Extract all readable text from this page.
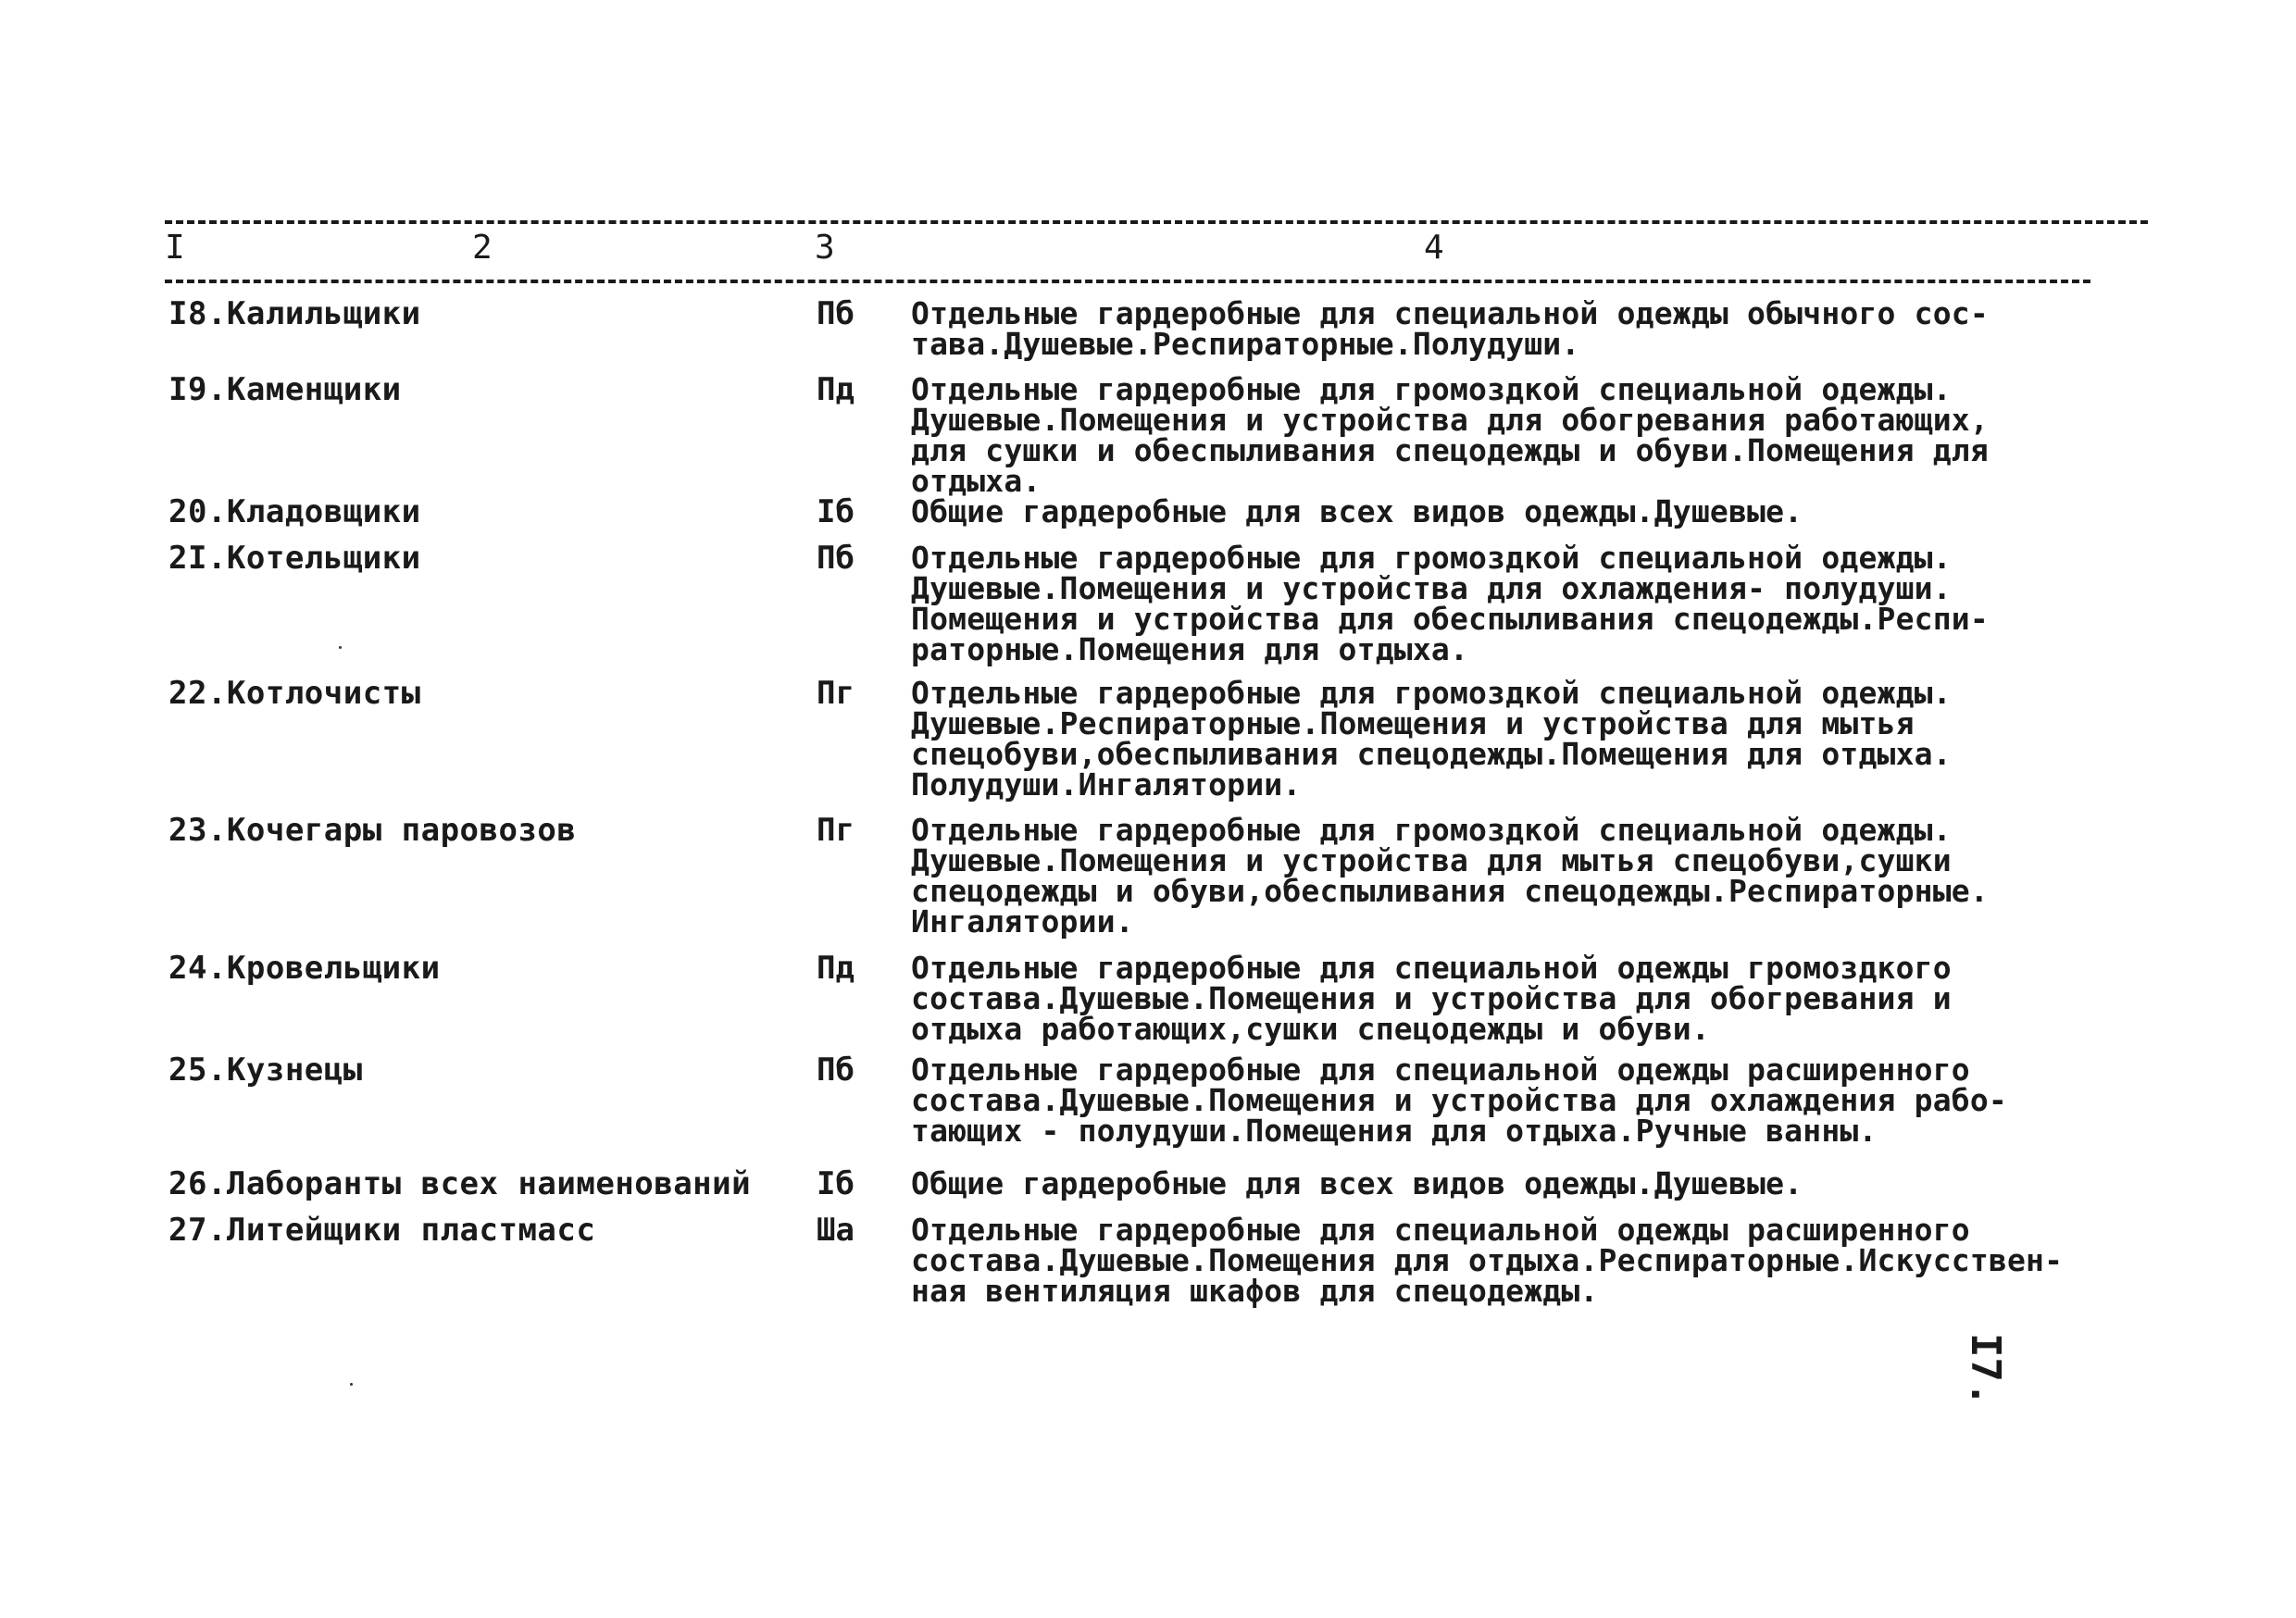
I	2	3	4
I8.Калильщики	Пб Отдельные гардеробные для специальной одежды обычного сос-
тава.Душевые.Респираторные.Полудуши.
I9.Каменщики	Пд Отдельные гардеробные для громоздкой специальной одежды.
Душевые.Помещения и устройства для обогревания работающих,
для сушки и обеспыливания спецодежды и обуви.Помещения для
отдыха.
20.Кладовщики	Iб Общие гардеробные для всех видов одежды.Душевые.
2I.Котельщики	Пб Отдельные гардеробные для громоздкой специальной одежды.
Душевые.Помещения и устройства для охлаждения- полудуши.
Помещения и устройства для обеспыливания спецодежды.Респи-
раторные.Помещения для отдыха.
22.Котлочисты	Пг Отдельные гардеробные для громоздкой специальной одежды.
Душевые.Респираторные.Помещения и устройства для мытья
спецобуви,обеспыливания спецодежды.Помещения для отдыха.
Полудуши.Ингалятории.
23.Кочегары паровозов	Пг Отдельные гардеробные для громоздкой специальной одежды.
Душевые.Помещения и устройства для мытья спецобуви,сушки
спецодежды и обуви,обеспыливания спецодежды.Респираторные.
Ингалятории.
24.Кровельщики	Пд Отдельные гардеробные для специальной одежды громоздкого
состава.Душевые.Помещения и устройства для обогревания и
отдыха работающих,сушки спецодежды и обуви.
25.Кузнецы	Пб Отдельные гардеробные для специальной одежды расширенного
состава.Душевые.Помещения и устройства для охлаждения рабо-
тающих - полудуши.Помещения для отдыха.Ручные ванны.
26.Лаборанты всех наименований Iб Общие гардеробные для всех видов одежды.Душевые.
27.Литейщики пластмасс	Ша Отдельные гардеробные для специальной одежды расширенного
состава.Душевые.Помещения для отдыха.Респираторные.Искусствен-
ная вентиляция шкафов для спецодежды.
I7.
